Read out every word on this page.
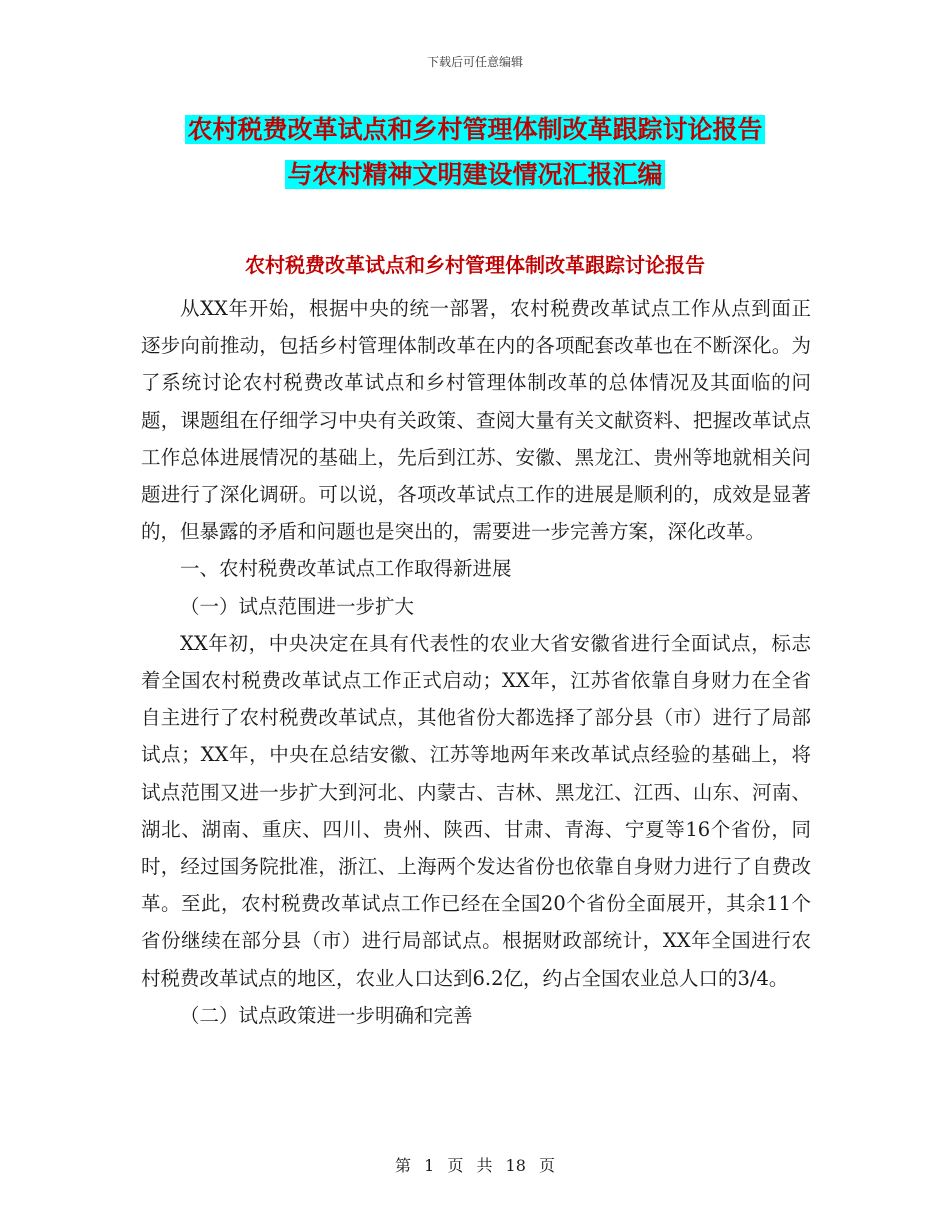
下载后可任意编辑
农村税费改革试点和乡村管理体制改革跟踪讨论报告
与农村精神文明建设情况汇报汇编
农村税费改革试点和乡村管理体制改革跟踪讨论报告

从XX年开始，根据中央的统一部署，农村税费改革试点工作从点到面正逐步向前推动，包括乡村管理体制改革在内的各项配套改革也在不断深化。为了系统讨论农村税费改革试点和乡村管理体制改革的总体情况及其面临的问题，课题组在仔细学习中央有关政策、查阅大量有关文献资料、把握改革试点工作总体进展情况的基础上，先后到江苏、安徽、黑龙江、贵州等地就相关问题进行了深化调研。可以说，各项改革试点工作的进展是顺利的，成效是显著的，但暴露的矛盾和问题也是突出的，需要进一步完善方案，深化改革。

一、农村税费改革试点工作取得新进展

（一）试点范围进一步扩大

XX年初，中央决定在具有代表性的农业大省安徽省进行全面试点，标志着全国农村税费改革试点工作正式启动；XX年，江苏省依靠自身财力在全省自主进行了农村税费改革试点，其他省份大都选择了部分县（市）进行了局部试点；XX年，中央在总结安徽、江苏等地两年来改革试点经验的基础上，将试点范围又进一步扩大到河北、内蒙古、吉林、黑龙江、江西、山东、河南、湖北、湖南、重庆、四川、贵州、陕西、甘肃、青海、宁夏等16个省份，同时，经过国务院批准，浙江、上海两个发达省份也依靠自身财力进行了自费改革。至此，农村税费改革试点工作已经在全国20个省份全面展开，其余11个省份继续在部分县（市）进行局部试点。根据财政部统计，XX年全国进行农村税费改革试点的地区，农业人口达到6.2亿，约占全国农业总人口的3/4。

（二）试点政策进一步明确和完善

第 1 页 共 18 页
